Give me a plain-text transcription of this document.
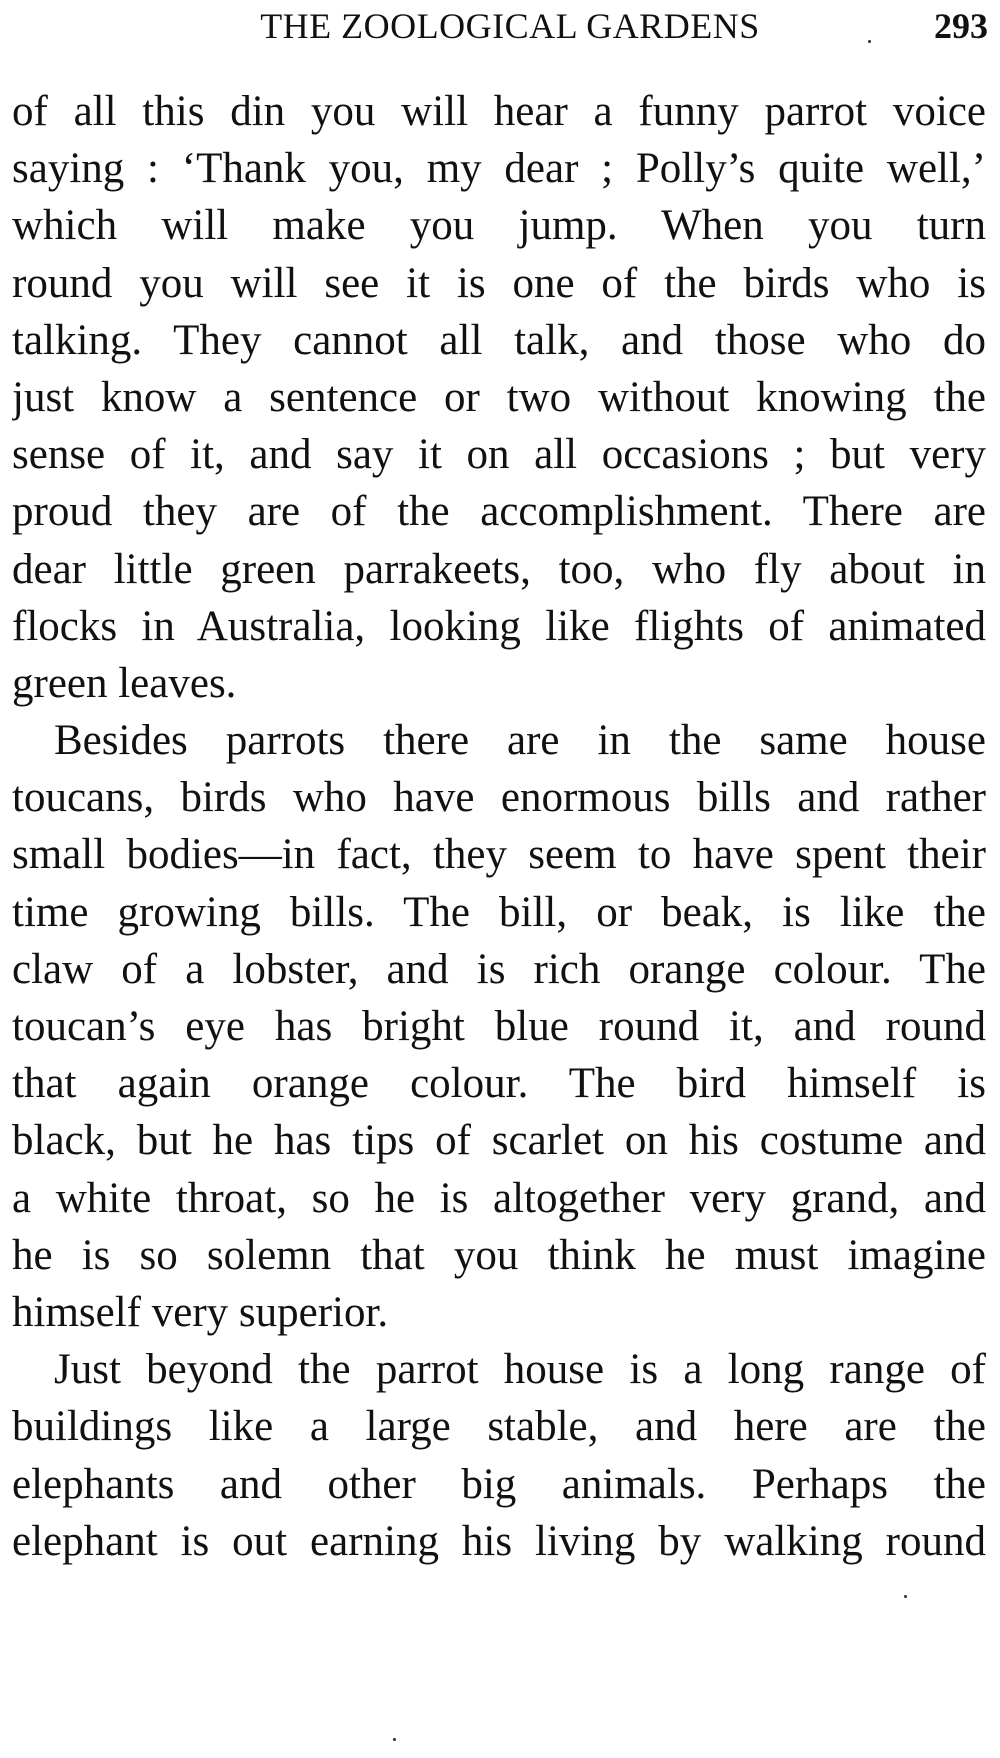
THE ZOOLOGICAL GARDENS	293
of all this din you will hear a funny parrot voice
saying : ‘Thank you, my dear ; Polly’s quite well,’
which will make you jump. When you turn
round you will see it is one of the birds who is
talking. They cannot all talk, and those who do
just know a sentence or two without knowing the
sense of it, and say it on all occasions ; but very
proud they are of the accomplishment. There are
dear little green parrakeets, too, who fly about in
flocks in Australia, looking like flights of animated
green leaves.
Besides parrots there are in the same house
toucans, birds who have enormous bills and rather
small bodies—in fact, they seem to have spent their
time growing bills. The bill, or beak, is like the
claw of a lobster, and is rich orange colour. The
toucan’s eye has bright blue round it, and round
that again orange colour. The bird himself is
black, but he has tips of scarlet on his costume and
a white throat, so he is altogether very grand, and
he is so solemn that you think he must imagine
himself very superior.
Just beyond the parrot house is a long range of
buildings like a large stable, and here are the
elephants and other big animals. Perhaps the
elephant is out earning his living by walking round
